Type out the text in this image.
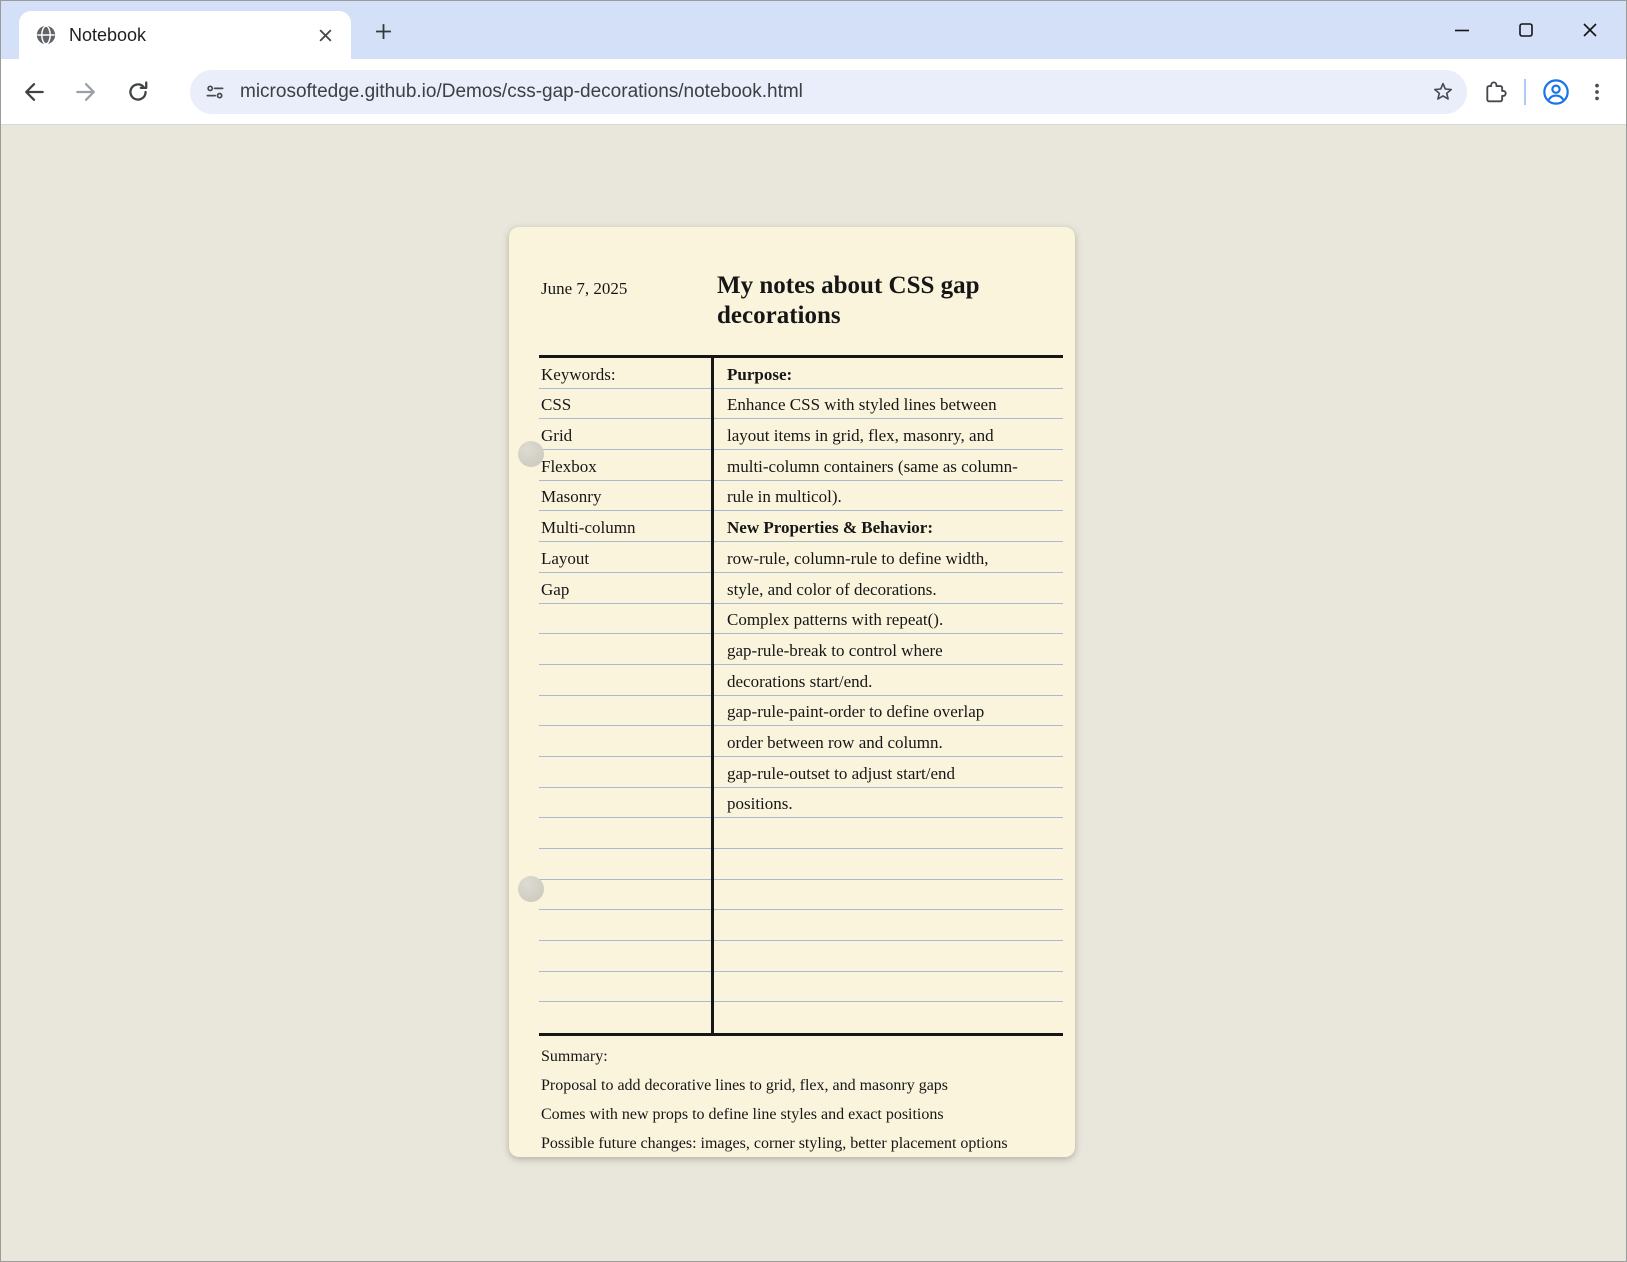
Notebook
microsoftedge.github.io/Demos/css-gap-decorations/notebook.html
June 7, 2025	My notes about CSS gap decorations
Keywords:
CSS
Grid
Flexbox
Masonry
Multi-column
Layout
Gap
Purpose:
Enhance CSS with styled lines between
layout items in grid, flex, masonry, and
multi-column containers (same as column-
rule in multicol).
New Properties & Behavior:
row-rule, column-rule to define width,
style, and color of decorations.
Complex patterns with repeat().
gap-rule-break to control where
decorations start/end.
gap-rule-paint-order to define overlap
order between row and column.
gap-rule-outset to adjust start/end
positions.

Summary:

Proposal to add decorative lines to grid, flex, and masonry gaps

Comes with new props to define line styles and exact positions

Possible future changes: images, corner styling, better placement options
